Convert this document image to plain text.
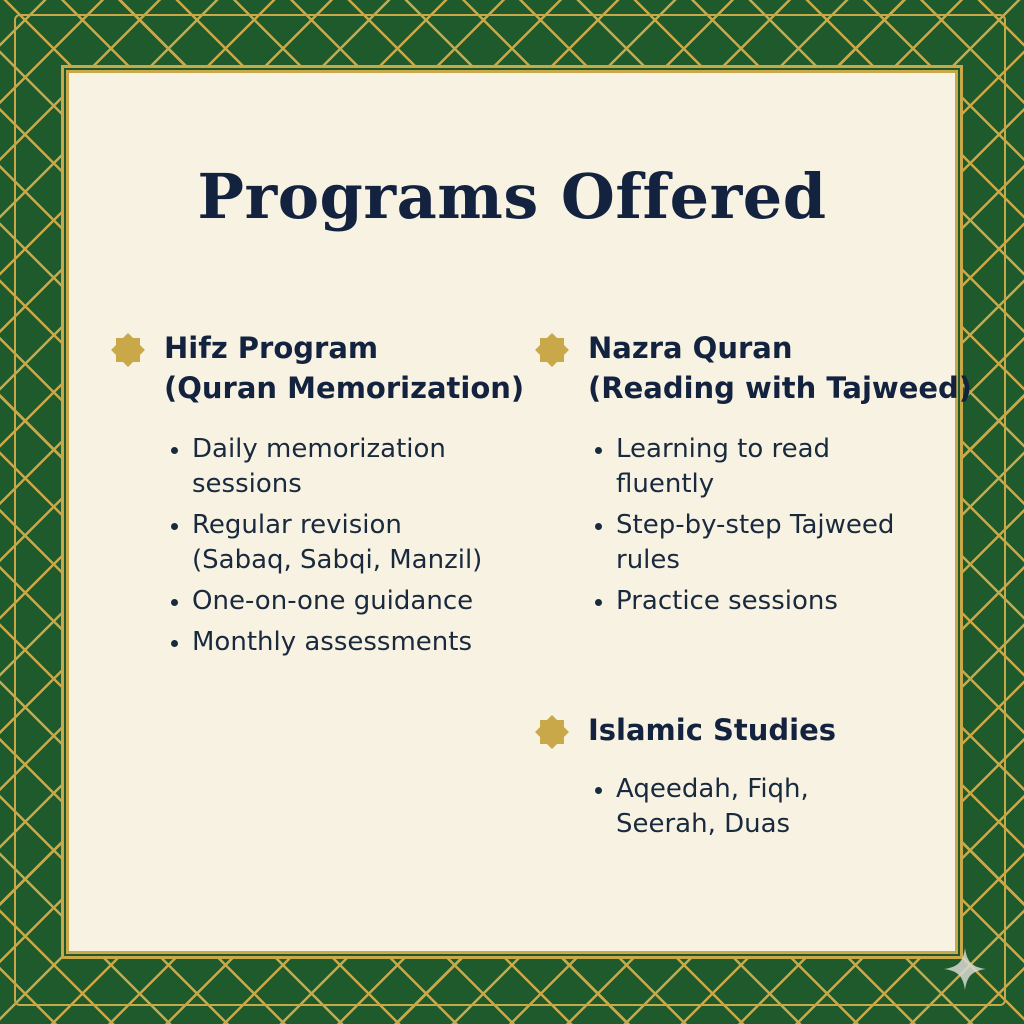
Programs Offered
Hifz Program
(Quran Memorization)
Daily memorization
sessions
Regular revision
(Sabaq, Sabqi, Manzil)
One-on-one guidance
Monthly assessments
Nazra Quran
(Reading with Tajweed)
Learning to read
fluently
Step-by-step Tajweed
rules
Practice sessions
Islamic Studies
Aqeedah, Fiqh,
Seerah, Duas
